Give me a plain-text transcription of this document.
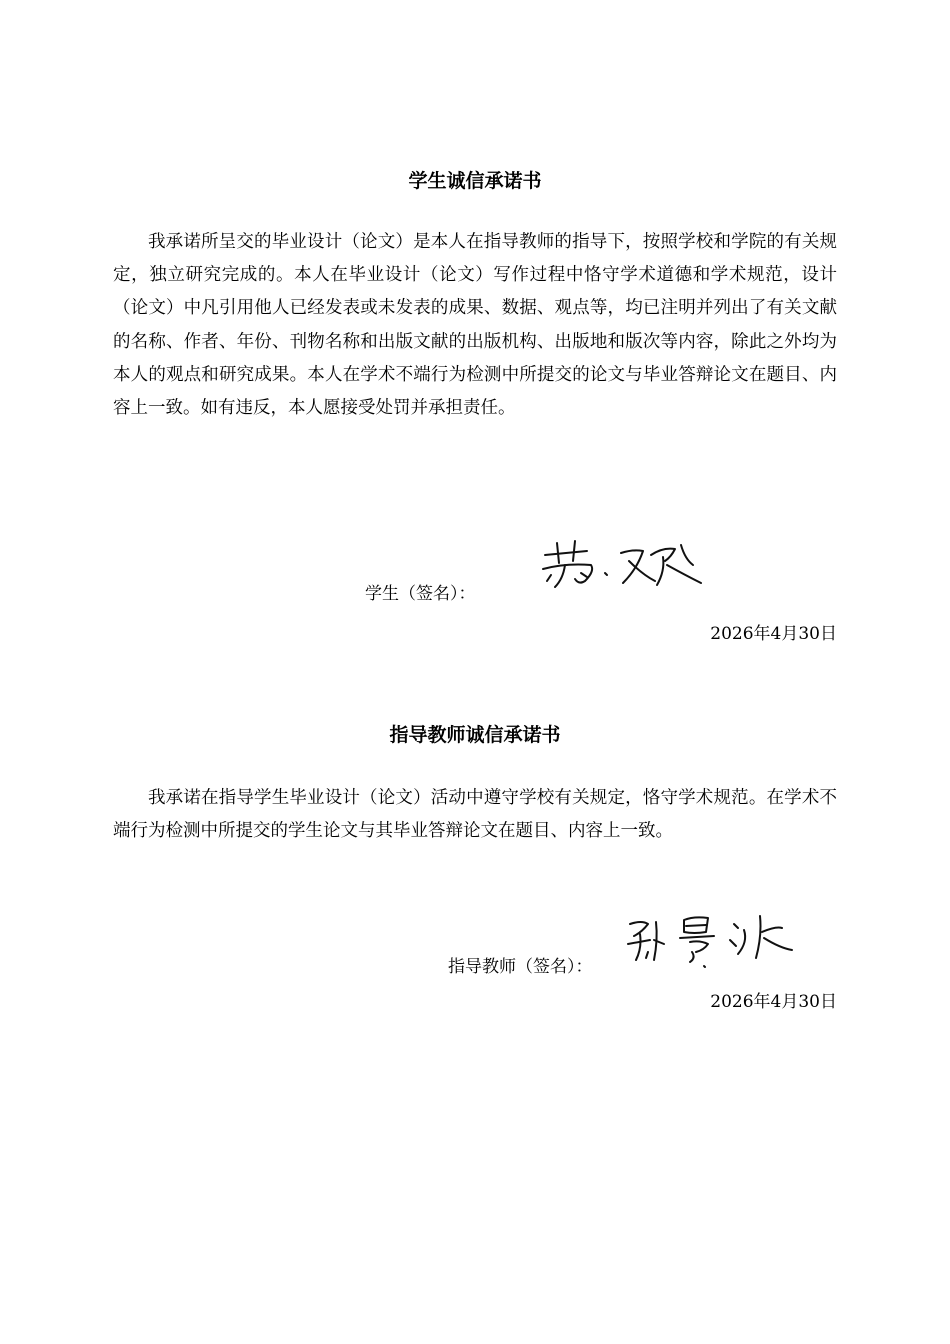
学生诚信承诺书

我承诺所呈交的毕业设计（论文）是本人在指导教师的指导下，按照学校和学院的有关规定，独立研究完成的。本人在毕业设计（论文）写作过程中恪守学术道德和学术规范，设计（论文）中凡引用他人已经发表或未发表的成果、数据、观点等，均已注明并列出了有关文献的名称、作者、年份、刊物名称和出版文献的出版机构、出版地和版次等内容，除此之外均为本人的观点和研究成果。本人在学术不端行为检测中所提交的论文与毕业答辩论文在题目、内容上一致。如有违反，本人愿接受处罚并承担责任。

学生（签名）：
2026年4月30日
指导教师诚信承诺书

我承诺在指导学生毕业设计（论文）活动中遵守学校有关规定，恪守学术规范。在学术不端行为检测中所提交的学生论文与其毕业答辩论文在题目、内容上一致。

指导教师（签名）：
2026年4月30日
